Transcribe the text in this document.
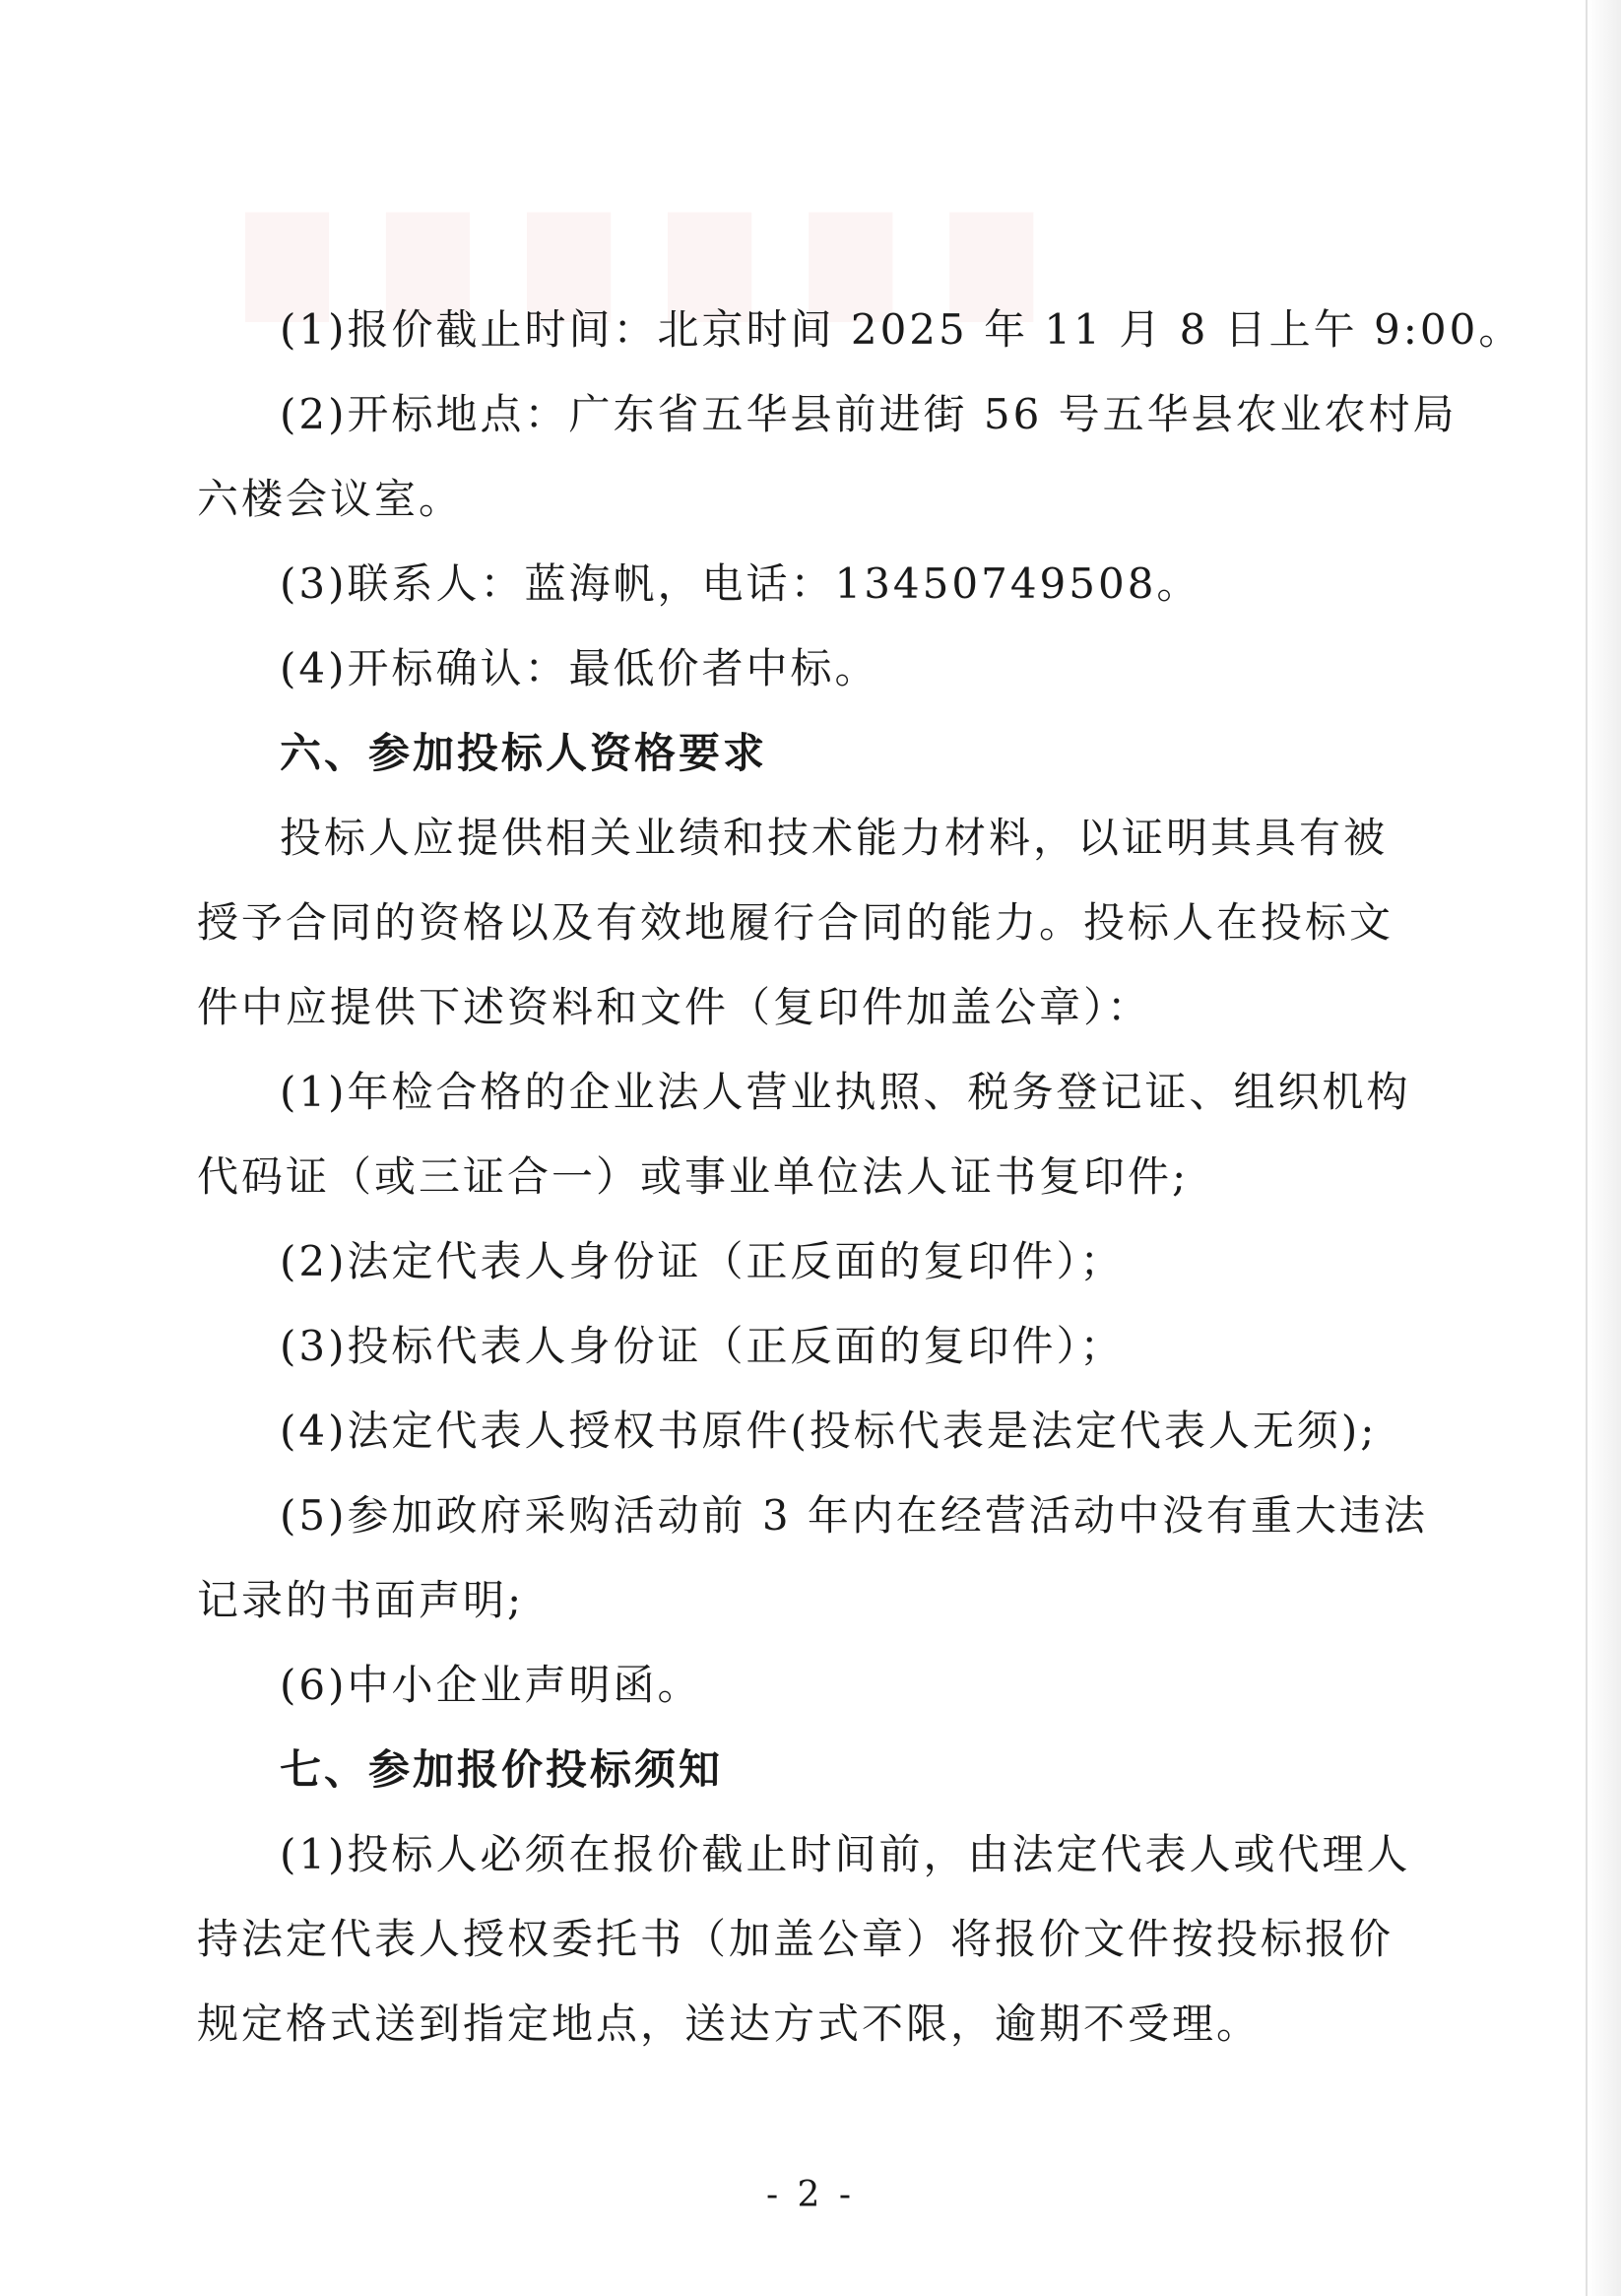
▇▇▇▇▇▇

(1)报价截止时间：北京时间 2025 年 11 月 8 日上午 9:00。

(2)开标地点：广东省五华县前进街 56 号五华县农业农村局

六楼会议室。

(3)联系人：蓝海帆，电话：13450749508。

(4)开标确认：最低价者中标。

六、参加投标人资格要求

投标人应提供相关业绩和技术能力材料，以证明其具有被

授予合同的资格以及有效地履行合同的能力。投标人在投标文

件中应提供下述资料和文件（复印件加盖公章）：

(1)年检合格的企业法人营业执照、税务登记证、组织机构

代码证（或三证合一）或事业单位法人证书复印件;

(2)法定代表人身份证（正反面的复印件）；

(3)投标代表人身份证（正反面的复印件）；

(4)法定代表人授权书原件(投标代表是法定代表人无须);

(5)参加政府采购活动前 3 年内在经营活动中没有重大违法

记录的书面声明;

(6)中小企业声明函。

七、参加报价投标须知

(1)投标人必须在报价截止时间前，由法定代表人或代理人

持法定代表人授权委托书（加盖公章）将报价文件按投标报价

规定格式送到指定地点，送达方式不限，逾期不受理。

- 2 -
